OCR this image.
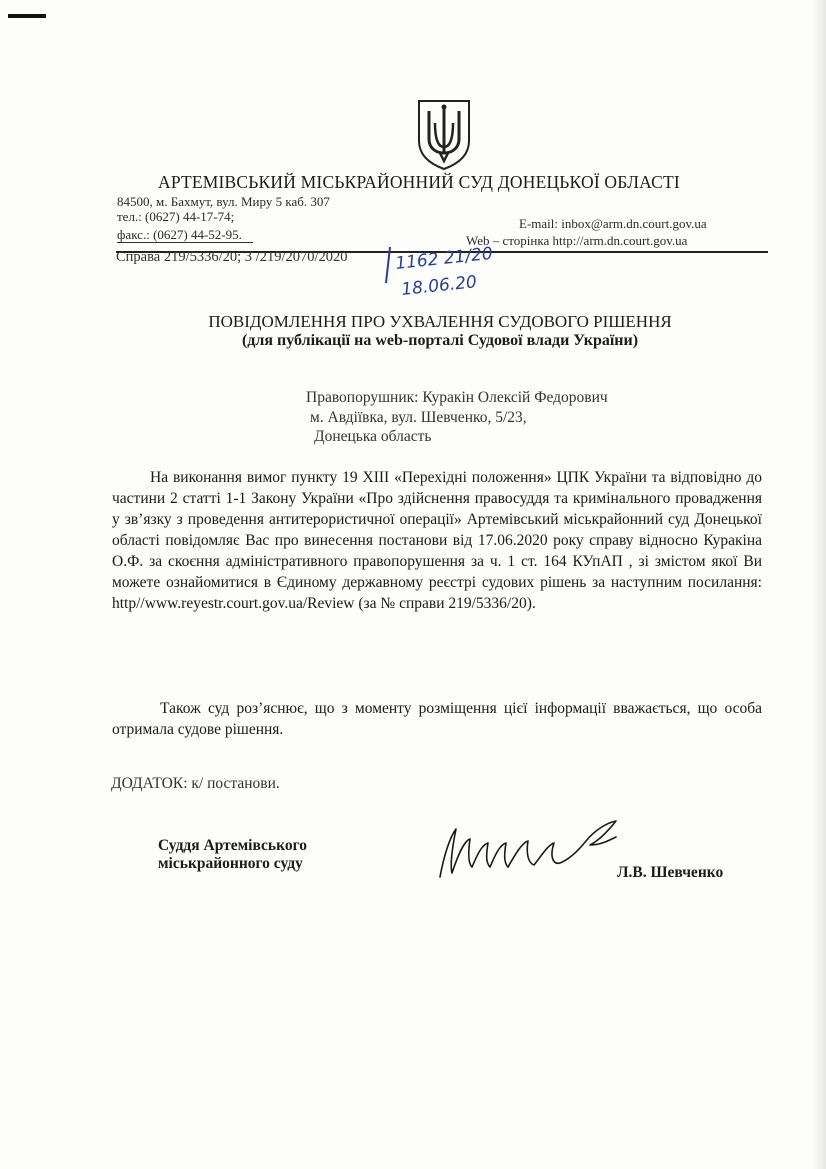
АРТЕМІВСЬКИЙ МІСЬКРАЙОННИЙ СУД ДОНЕЦЬКОЇ ОБЛАСТІ
84500, м. Бахмут, вул. Миру 5 каб. 307
тел.: (0627) 44-17-74;
факс.: (0627) 44-52-95.
E-mail: inbox@arm.dn.court.gov.ua
Web – сторінка http://arm.dn.court.gov.ua
Справа 219/5336/20; 3 /219/2070/2020	1162 21/20
18.06.20
ПОВІДОМЛЕННЯ ПРО УХВАЛЕННЯ СУДОВОГО РІШЕННЯ
(для публікації на web-порталі Судової влади України)
Правопорушник: Куракін Олексій Федорович
м. Авдіївка, вул. Шевченко, 5/23,
Донецька область
На виконання вимог пункту 19 ХІІІ «Перехідні положення» ЦПК України та відповідно до частини 2 статті 1-1 Закону України «Про здійснення правосуддя та кримінального провадження у зв’язку з проведення антитерористичної операції» Артемівський міськрайонний суд Донецької області повідомляє Вас про винесення постанови від 17.06.2020 року справу відносно Куракіна О.Ф. за скоєння адміністративного правопорушення за ч. 1 ст. 164 КУпАП , зі змістом якої Ви можете ознайомитися в Єдиному державному реєстрі судових рішень за наступним посилання: http//www.reyestr.court.gov.ua/Review (за № справи 219/5336/20).
Також суд роз’яснює, що з моменту розміщення цієї інформації вважається, що особа отримала судове рішення.
ДОДАТОК: к/ постанови.
Суддя Артемівського
міськрайонного суду
Л.В. Шевченко
